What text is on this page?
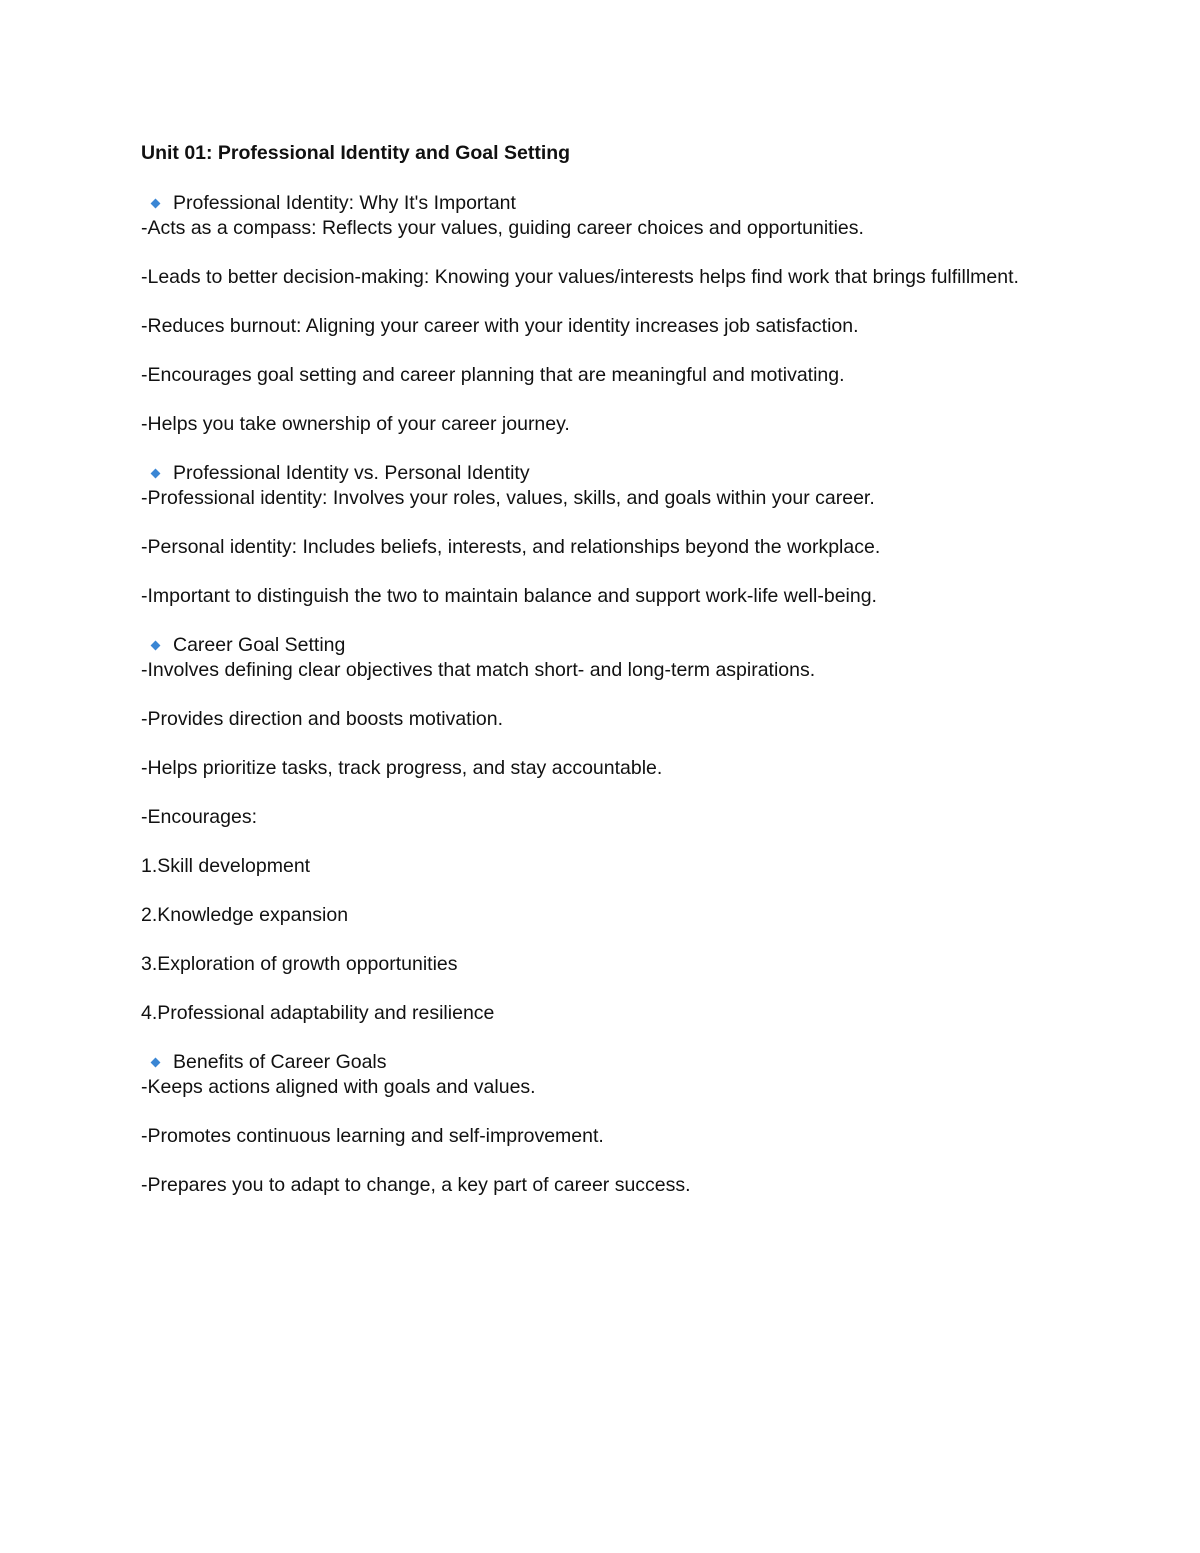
Unit 01: Professional Identity and Goal Setting
Professional Identity: Why It's Important

-Acts as a compass: Reflects your values, guiding career choices and opportunities.

-Leads to better decision-making: Knowing your values/interests helps find work that brings fulfillment.

-Reduces burnout: Aligning your career with your identity increases job satisfaction.

-Encourages goal setting and career planning that are meaningful and motivating.

-Helps you take ownership of your career journey.

Professional Identity vs. Personal Identity

-Professional identity: Involves your roles, values, skills, and goals within your career.

-Personal identity: Includes beliefs, interests, and relationships beyond the workplace.

-Important to distinguish the two to maintain balance and support work-life well-being.

Career Goal Setting

-Involves defining clear objectives that match short- and long-term aspirations.

-Provides direction and boosts motivation.

-Helps prioritize tasks, track progress, and stay accountable.

-Encourages:

1.Skill development

2.Knowledge expansion

3.Exploration of growth opportunities

4.Professional adaptability and resilience

Benefits of Career Goals

-Keeps actions aligned with goals and values.

-Promotes continuous learning and self-improvement.

-Prepares you to adapt to change, a key part of career success.
